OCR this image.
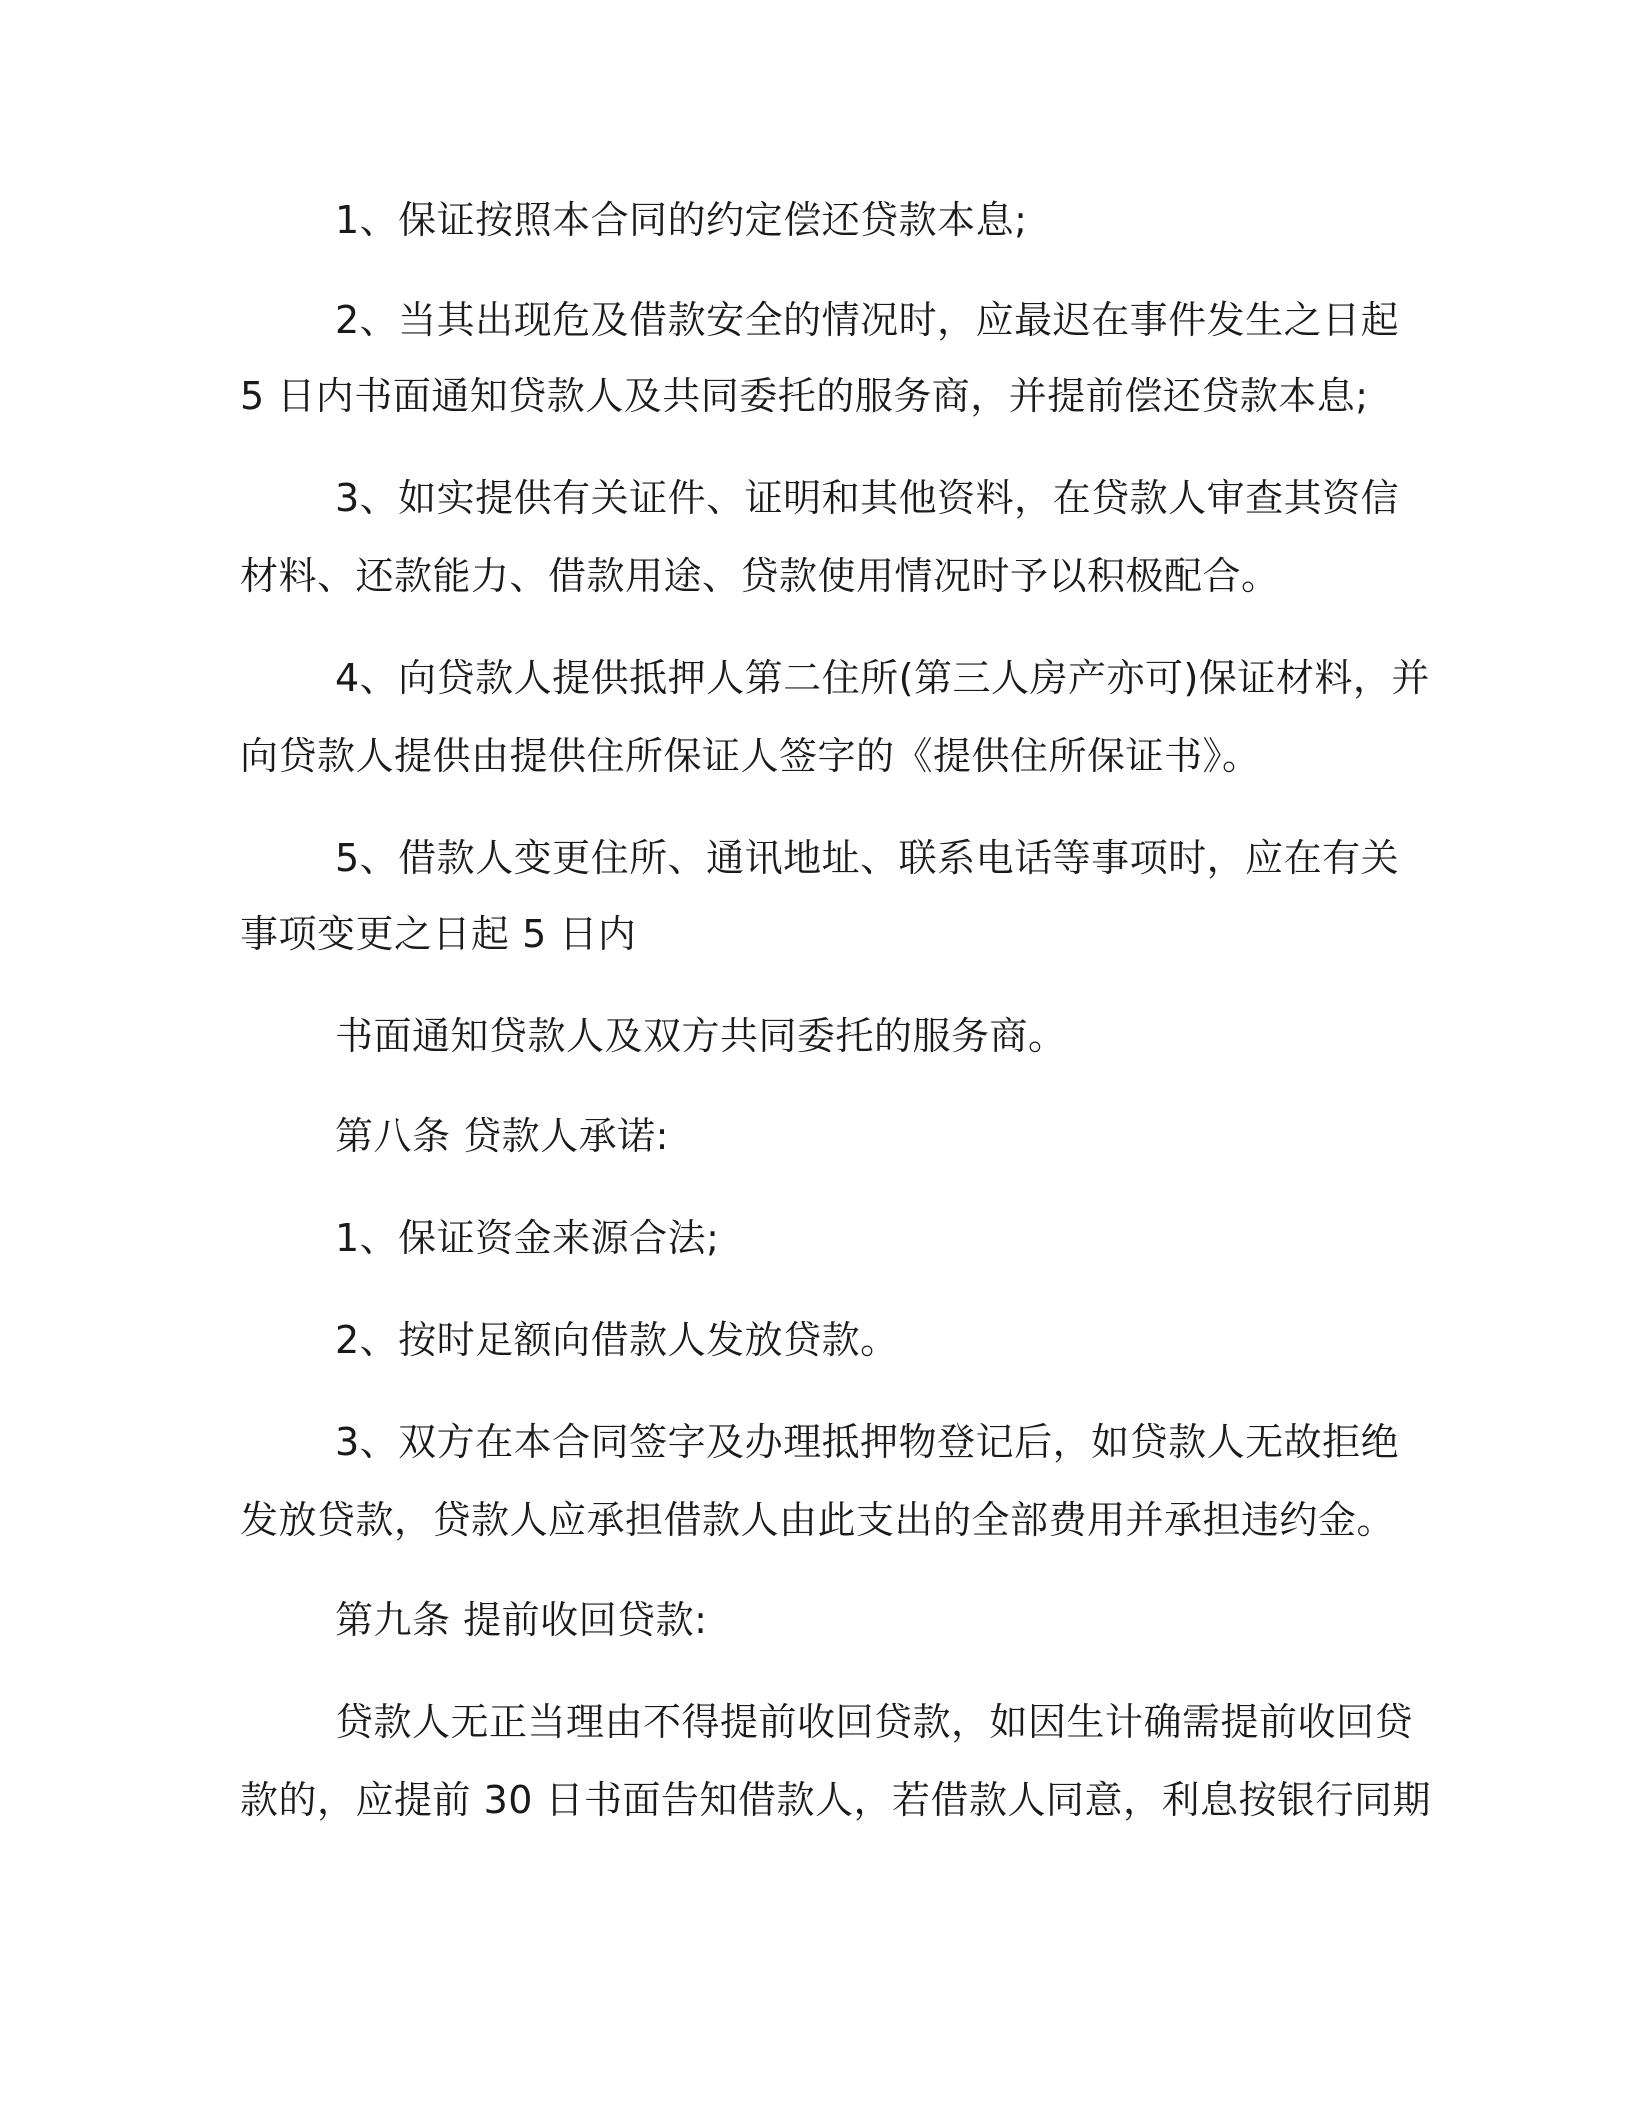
1、保证按照本合同的约定偿还贷款本息;
2、当其出现危及借款安全的情况时，应最迟在事件发生之日起
5 日内书面通知贷款人及共同委托的服务商，并提前偿还贷款本息;
3、如实提供有关证件、证明和其他资料，在贷款人审查其资信
材料、还款能力、借款用途、贷款使用情况时予以积极配合。
4、向贷款人提供抵押人第二住所(第三人房产亦可)保证材料，并
向贷款人提供由提供住所保证人签字的《提供住所保证书》。
5、借款人变更住所、通讯地址、联系电话等事项时，应在有关
事项变更之日起 5 日内
书面通知贷款人及双方共同委托的服务商。
第八条 贷款人承诺:
1、保证资金来源合法;
2、按时足额向借款人发放贷款。
3、双方在本合同签字及办理抵押物登记后，如贷款人无故拒绝
发放贷款，贷款人应承担借款人由此支出的全部费用并承担违约金。
第九条 提前收回贷款:
贷款人无正当理由不得提前收回贷款，如因生计确需提前收回贷
款的，应提前 30 日书面告知借款人，若借款人同意，利息按银行同期
